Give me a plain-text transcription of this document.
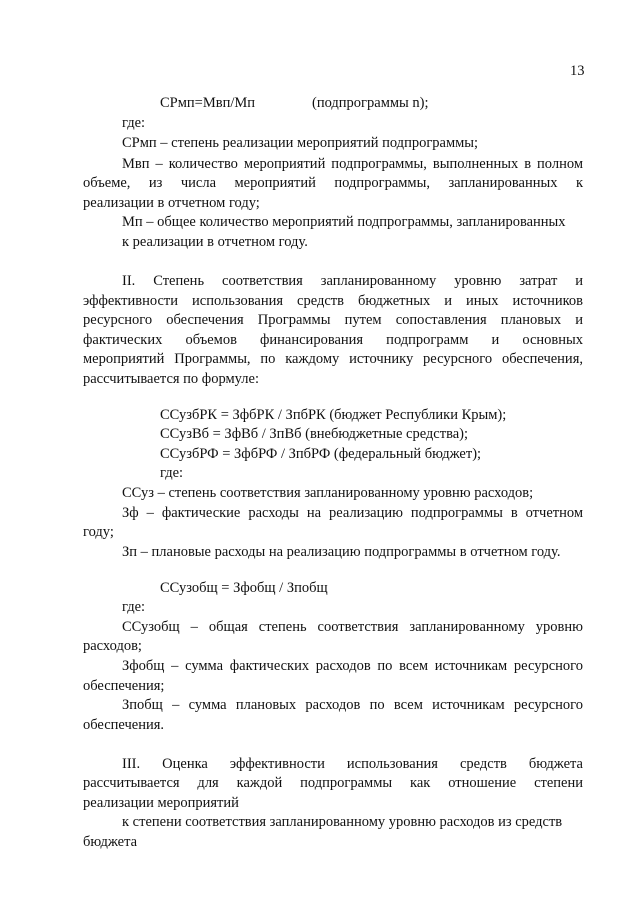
13
СРмп=Мвп/Мп	(подпрограммы n);
где:
СРмп – степень реализации мероприятий подпрограммы;
Мвп – количество мероприятий подпрограммы, выполненных в полном
объеме, из числа мероприятий подпрограммы, запланированных к
реализации в отчетном году;
Мп – общее количество мероприятий подпрограммы, запланированных
к реализации в отчетном году.
II. Степень соответствия запланированному уровню затрат и
эффективности использования средств бюджетных и иных источников
ресурсного обеспечения Программы путем сопоставления плановых и
фактических объемов финансирования подпрограмм и основных
мероприятий Программы, по каждому источнику ресурсного обеспечения,
рассчитывается по формуле:
ССузбРК = ЗфбРК / ЗпбРК (бюджет Республики Крым);
ССузВб = ЗфВб / ЗпВб (внебюджетные средства);
ССузбРФ = ЗфбРФ / ЗпбРФ (федеральный бюджет);
где:
ССуз – степень соответствия запланированному уровню расходов;
Зф – фактические расходы на реализацию подпрограммы в отчетном
году;
Зп – плановые расходы на реализацию подпрограммы в отчетном году.
ССузобщ = Зфобщ / Зпобщ
где:
ССузобщ – общая степень соответствия запланированному уровню
расходов;
Зфобщ – сумма фактических расходов по всем источникам ресурсного
обеспечения;
Зпобщ – сумма плановых расходов по всем источникам ресурсного
обеспечения.
III. Оценка эффективности использования средств бюджета
рассчитывается для каждой подпрограммы как отношение степени
реализации мероприятий
к степени соответствия запланированному уровню расходов из средств
бюджета
